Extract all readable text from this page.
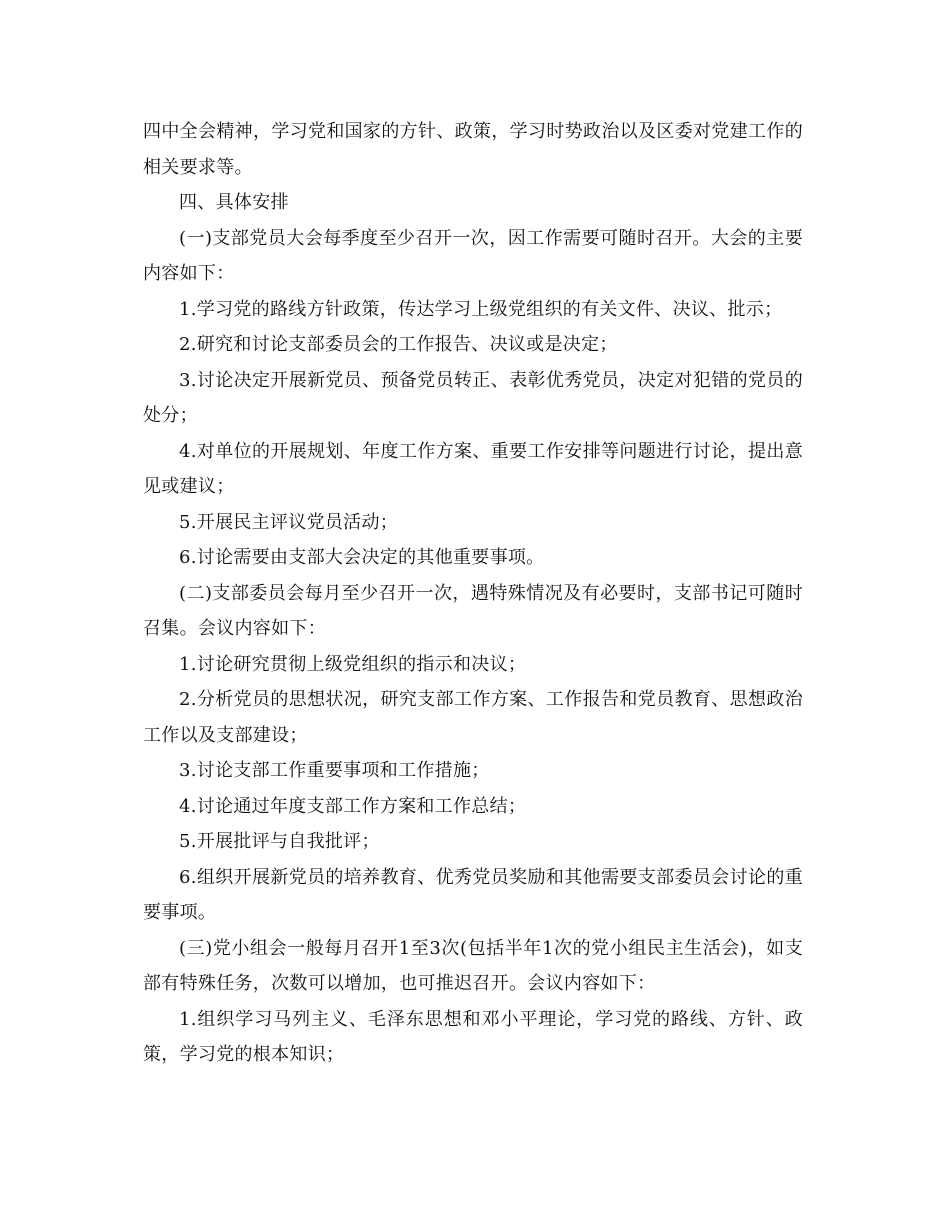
四中全会精神，学习党和国家的方针、政策，学习时势政治以及区委对党建工作的相关要求等。

四、具体安排

(一)支部党员大会每季度至少召开一次，因工作需要可随时召开。大会的主要内容如下：

1.学习党的路线方针政策，传达学习上级党组织的有关文件、决议、批示；

2.研究和讨论支部委员会的工作报告、决议或是决定；

3.讨论决定开展新党员、预备党员转正、表彰优秀党员，决定对犯错的党员的处分；

4.对单位的开展规划、年度工作方案、重要工作安排等问题进行讨论，提出意见或建议；

5.开展民主评议党员活动；

6.讨论需要由支部大会决定的其他重要事项。

(二)支部委员会每月至少召开一次，遇特殊情况及有必要时，支部书记可随时召集。会议内容如下：

1.讨论研究贯彻上级党组织的指示和决议；

2.分析党员的思想状况，研究支部工作方案、工作报告和党员教育、思想政治工作以及支部建设；

3.讨论支部工作重要事项和工作措施；

4.讨论通过年度支部工作方案和工作总结；

5.开展批评与自我批评；

6.组织开展新党员的培养教育、优秀党员奖励和其他需要支部委员会讨论的重要事项。

(三)党小组会一般每月召开1至3次(包括半年1次的党小组民主生活会)，如支部有特殊任务，次数可以增加，也可推迟召开。会议内容如下：

1.组织学习马列主义、毛泽东思想和邓小平理论，学习党的路线、方针、政策，学习党的根本知识；
